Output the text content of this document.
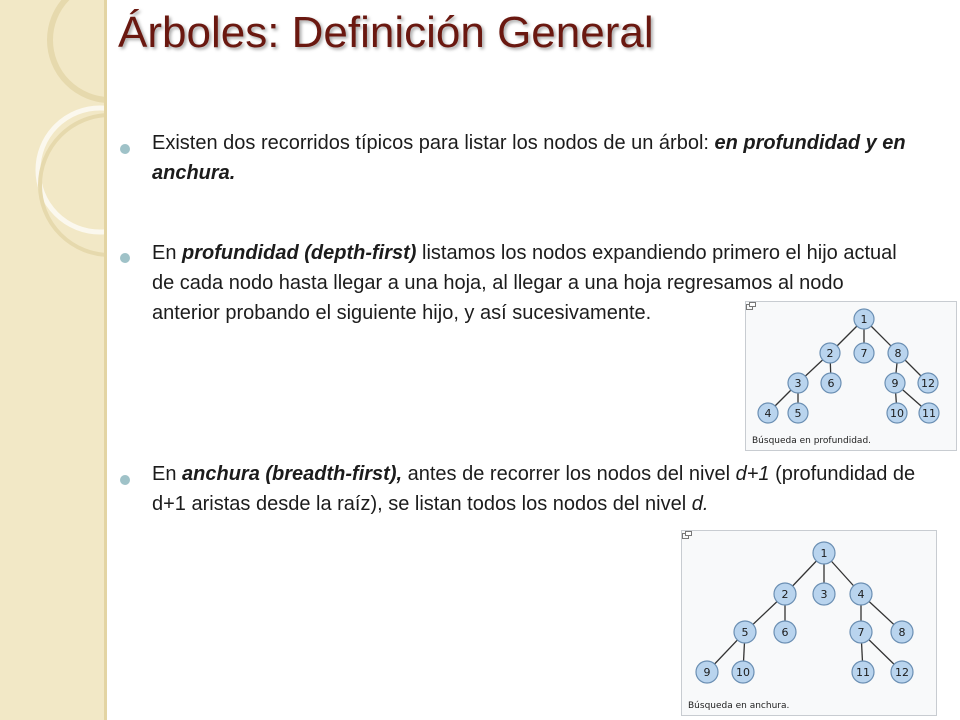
Árboles: Definición General
Existen dos recorridos típicos para listar los nodos de un árbol: en profundidad y en anchura.
En profundidad (depth-first) listamos los nodos expandiendo primero el hijo actual de cada nodo hasta llegar a una hoja, al llegar a una hoja regresamos al nodo anterior probando el siguiente hijo, y así sucesivamente.
En anchura (breadth-first), antes de recorrer los nodos del nivel d+1 (profundidad de d+1 aristas desde la raíz), se listan todos los nodos del nivel d.
1
2 7 8
3 6	9 12
4 5	10 11
Búsqueda en profundidad.
1
2	3	4
5	6	7	8
9 10	11 12
Búsqueda en anchura.
